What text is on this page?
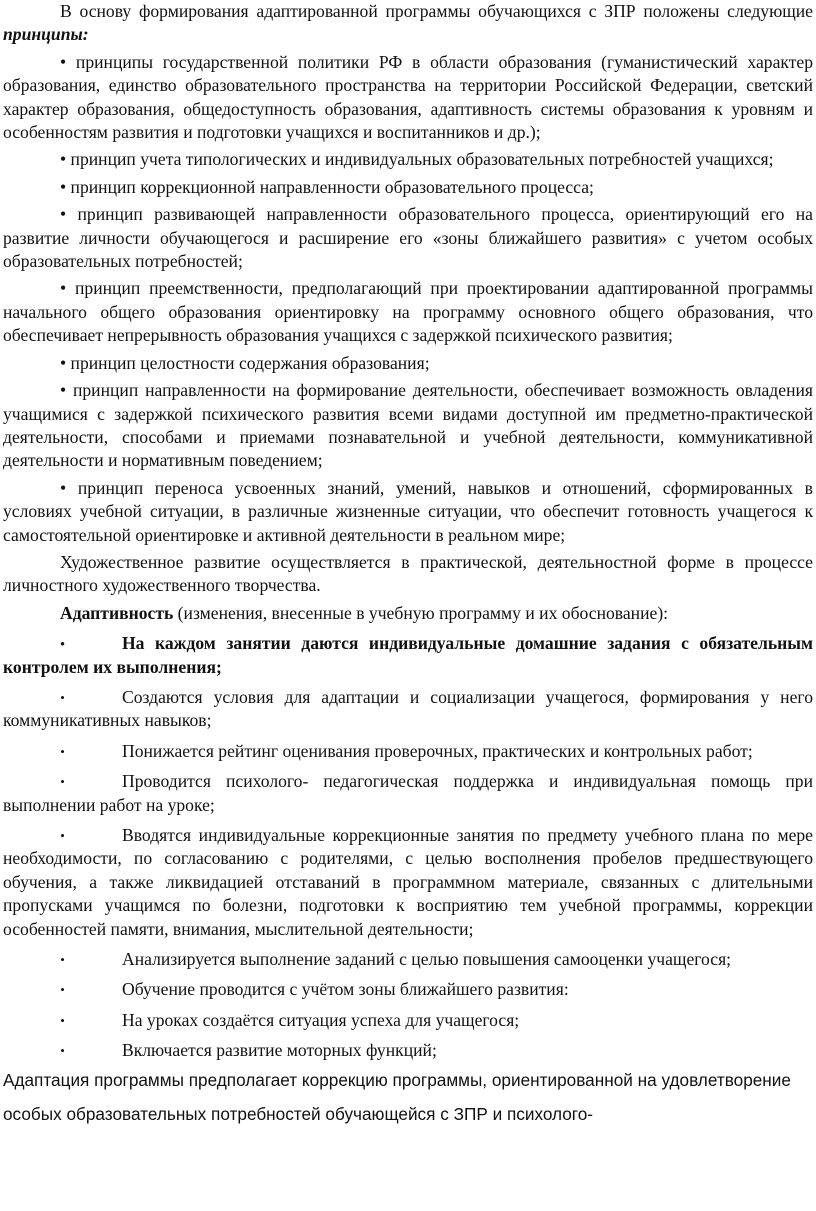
В основу формирования адаптированной программы обучающихся с ЗПР положены следующие принципы:

• принципы государственной политики РФ в области образования (гуманистический характер образования, единство образовательного пространства на территории Российской Федерации, светский характер образования, общедоступность образования, адаптивность системы образования к уровням и особенностям развития и подготовки учащихся и воспитанников и др.);

• принцип учета типологических и индивидуальных образовательных потребностей учащихся;

• принцип коррекционной направленности образовательного процесса;

• принцип развивающей направленности образовательного процесса, ориентирующий его на развитие личности обучающегося и расширение его «зоны ближайшего развития» с учетом особых образовательных потребностей;

• принцип преемственности, предполагающий при проектировании адаптированной программы начального общего образования ориентировку на программу основного общего образования, что обеспечивает непрерывность образования учащихся с задержкой психического развития;

• принцип целостности содержания образования;

• принцип направленности на формирование деятельности, обеспечивает возможность овладения учащимися с задержкой психического развития всеми видами доступной им предметно-практической деятельности, способами и приемами познавательной и учебной деятельности, коммуникативной деятельности и нормативным поведением;

• принцип переноса усвоенных знаний, умений, навыков и отношений, сформированных в условиях учебной ситуации, в различные жизненные ситуации, что обеспечит готовность учащегося к самостоятельной ориентировке и активной деятельности в реальном мире;

Художественное развитие осуществляется в практической, деятельностной форме в процессе личностного художественного творчества.

Адаптивность (изменения, внесенные в учебную программу и их обоснование):

•	На каждом занятии даются индивидуальные домашние задания с обязательным контролем их выполнения;

•	Создаются условия для адаптации и социализации учащегося, формирования у него коммуникативных навыков;

•	Понижается рейтинг оценивания проверочных, практических и контрольных работ;

•	Проводится психолого- педагогическая поддержка и индивидуальная помощь при выполнении работ на уроке;

•	Вводятся индивидуальные коррекционные занятия по предмету учебного плана по мере необходимости, по согласованию с родителями, с целью восполнения пробелов предшествующего обучения, а также ликвидацией отставаний в программном материале, связанных с длительными пропусками учащимся по болезни, подготовки к восприятию тем учебной программы, коррекции особенностей памяти, внимания, мыслительной деятельности;

•	Анализируется выполнение заданий с целью повышения самооценки учащегося;

•	Обучение проводится с учётом зоны ближайшего развития:

•	На уроках создаётся ситуация успеха для учащегося;

•	Включается развитие моторных функций;

Адаптация программы предполагает коррекцию программы, ориентированной на удовлетворение особых образовательных потребностей обучающейся с ЗПР и психолого-
